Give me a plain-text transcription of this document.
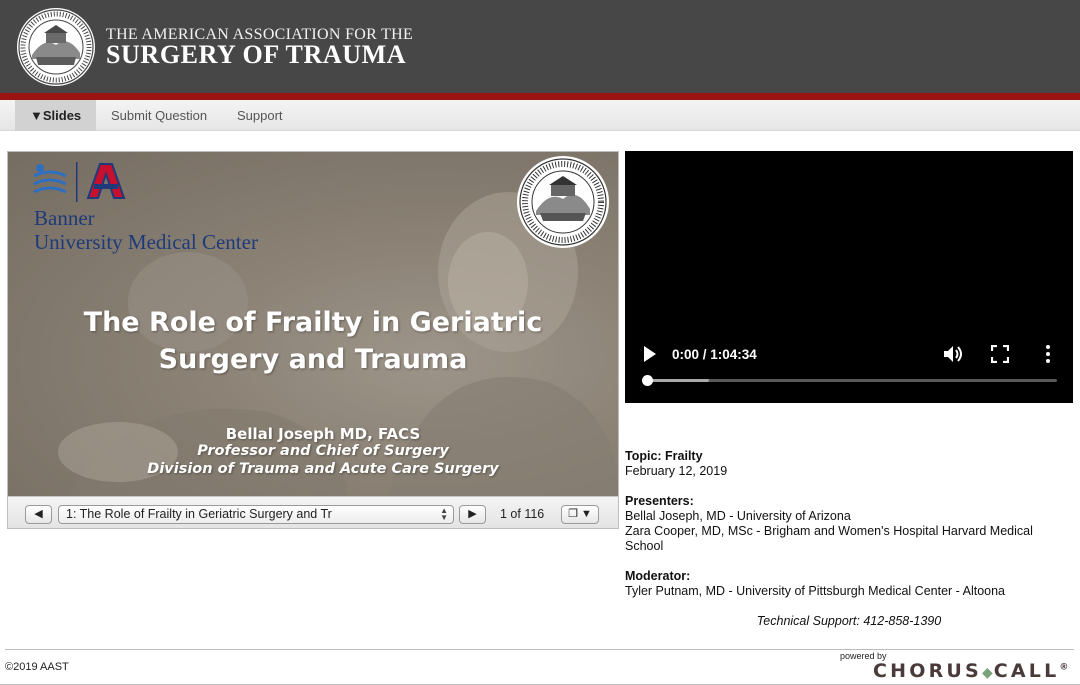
THE AMERICAN ASSOCIATION FOR THE
SURGERY OF TRAUMA
▼Slides	Submit Question	Support
Banner
University Medical Center
The Role of Frailty in Geriatric
Surgery and Trauma
Bellal Joseph MD, FACS
Professor and Chief of Surgery
Division of Trauma and Acute Care Surgery
◀	1: The Role of Frailty in Geriatric Surgery and Tr	▲
▼	▶	1 of 116	❐ ▼
0:00 / 1:04:34
Topic: Frailty
February 12, 2019
Presenters:
Bellal Joseph, MD - University of Arizona
Zara Cooper, MD, MSc - Brigham and Women's Hospital Harvard Medical School
Moderator:
Tyler Putnam, MD - University of Pittsburgh Medical Center - Altoona
Technical Support: 412-858-1390
©2019 AAST
powered by
CHORUS◆CALL®
